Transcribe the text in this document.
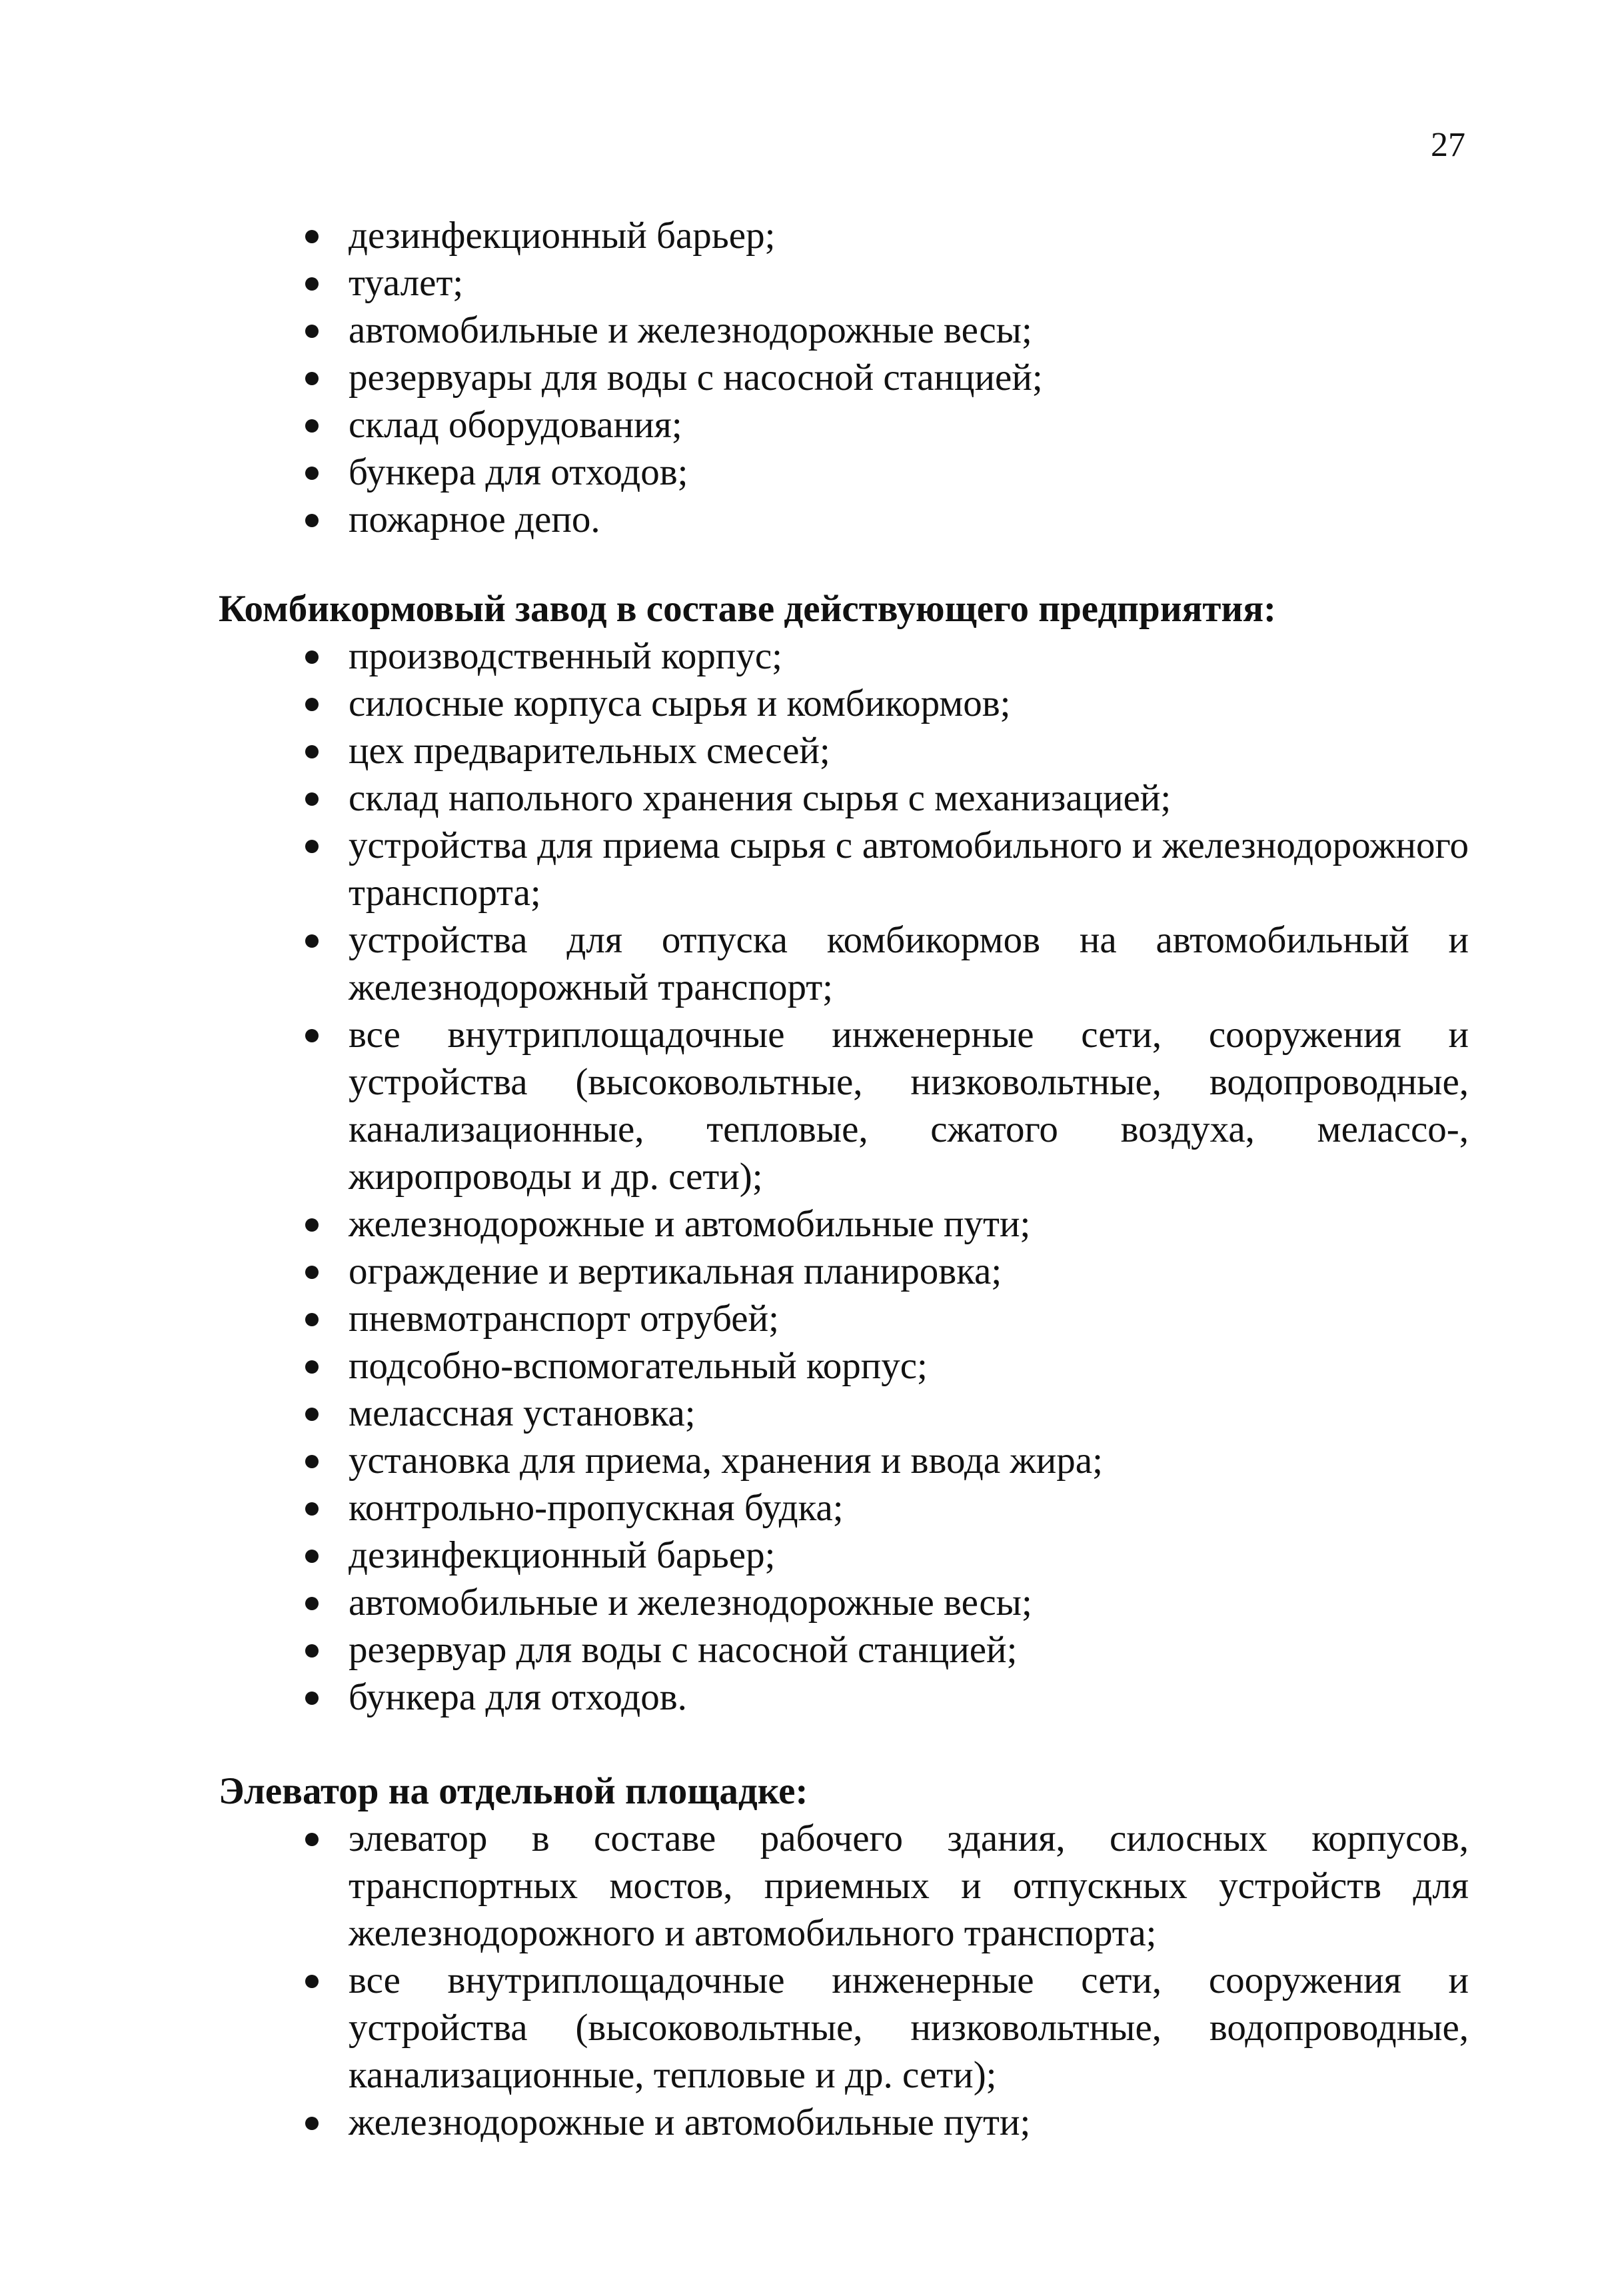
27
дезинфекционный барьер;
туалет;
автомобильные и железнодорожные весы;
резервуары для воды с насосной станцией;
склад оборудования;
бункера для отходов;
пожарное депо.

Комбикормовый завод в составе действующего предприятия:

производственный корпус;
силосные корпуса сырья и комбикормов;
цех предварительных смесей;
склад напольного хранения сырья с механизацией;
устройства для приема сырья с автомобильного и железнодорожного транспорта;
устройства для отпуска комбикормов на автомобильный и железнодорожный транспорт;
все внутриплощадочные инженерные сети, сооружения и устройства (высоковольтные, низковольтные, водопроводные, канализационные, тепловые, сжатого воздуха, мелассо-, жиропроводы и др. сети);
железнодорожные и автомобильные пути;
ограждение и вертикальная планировка;
пневмотранспорт отрубей;
подсобно-вспомогательный корпус;
мелассная установка;
установка для приема, хранения и ввода жира;
контрольно-пропускная будка;
дезинфекционный барьер;
автомобильные и железнодорожные весы;
резервуар для воды с насосной станцией;
бункера для отходов.

Элеватор на отдельной площадке:

элеватор в составе рабочего здания, силосных корпусов, транспортных мостов, приемных и отпускных устройств для железнодорожного и автомобильного транспорта;
все внутриплощадочные инженерные сети, сооружения и устройства (высоковольтные, низковольтные, водопроводные, канализационные, тепловые и др. сети);
железнодорожные и автомобильные пути;
